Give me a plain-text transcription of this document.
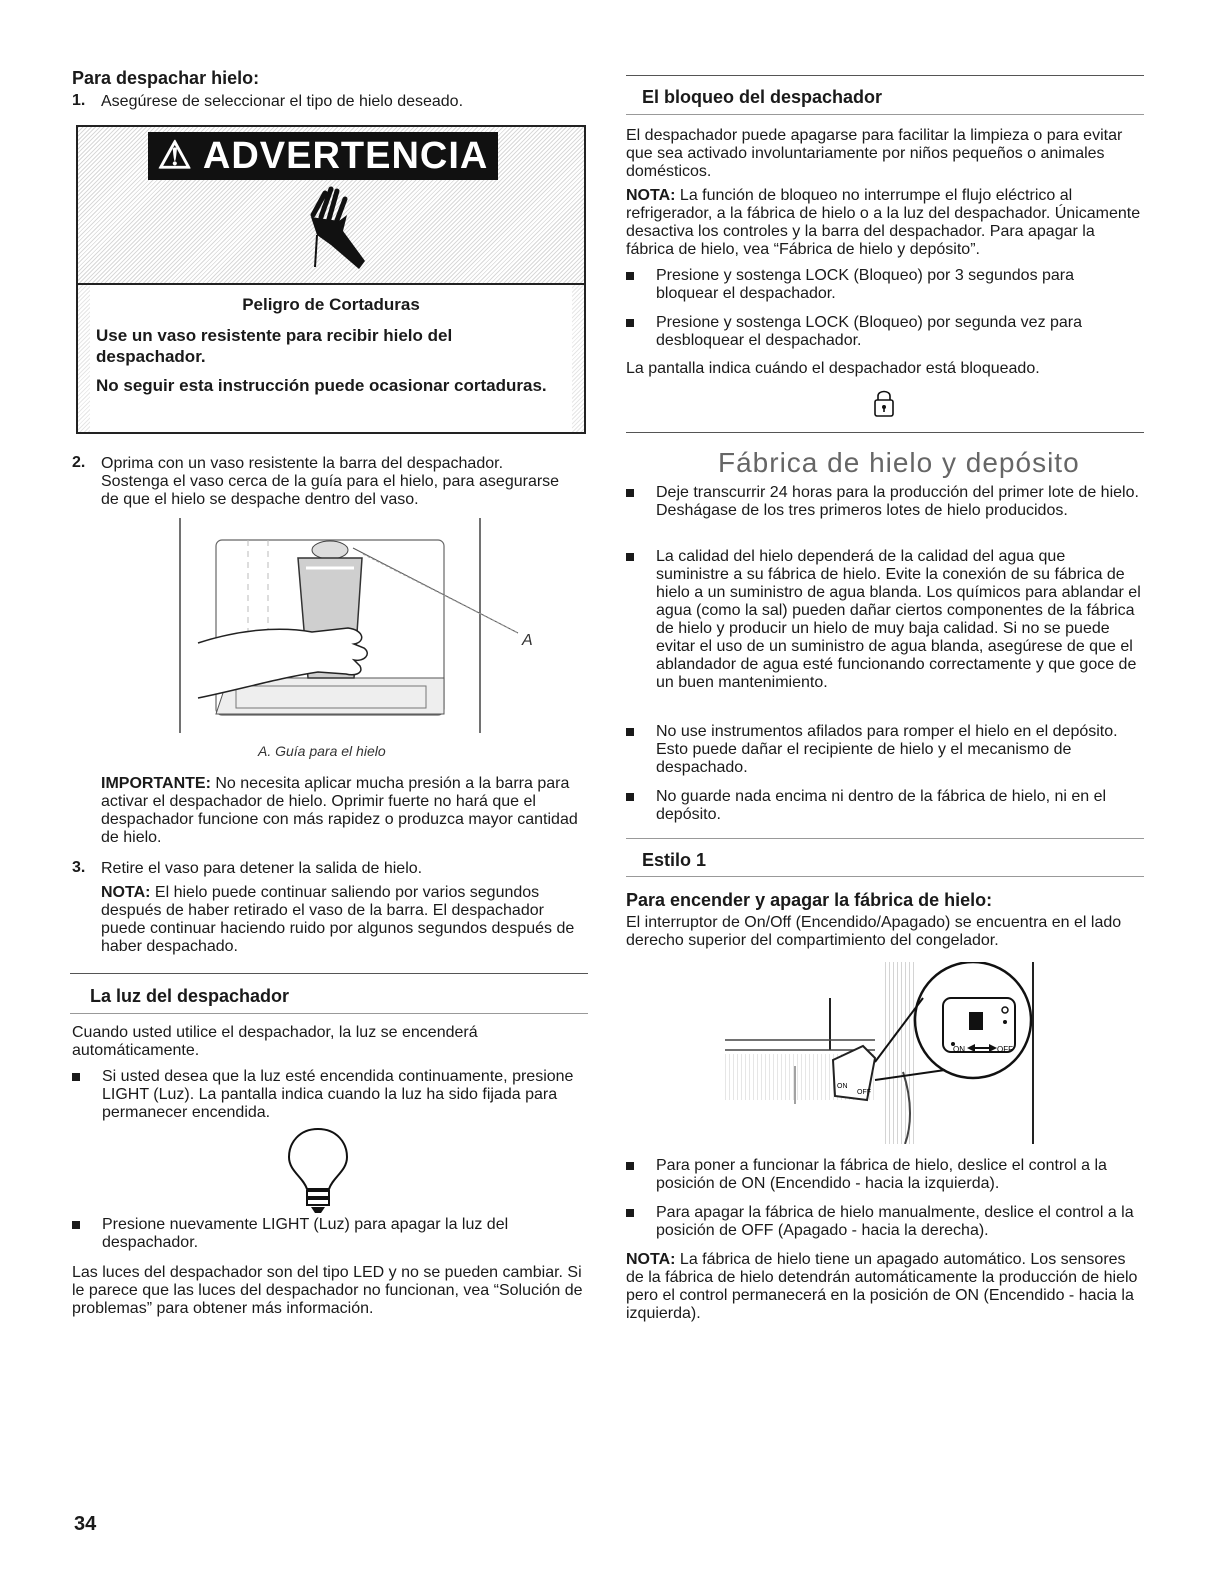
Para despachar hielo:
1. Asegúrese de seleccionar el tipo de hielo deseado.
⚠ ADVERTENCIA
Peligro de Cortaduras
Use un vaso resistente para recibir hielo del despachador.
No seguir esta instrucción puede ocasionar cortaduras.
2. Oprima con un vaso resistente la barra del despachador. Sostenga el vaso cerca de la guía para el hielo, para asegurarse de que el hielo se despache dentro del vaso.
A
A. Guía para el hielo

IMPORTANTE: No necesita aplicar mucha presión a la barra para activar el despachador de hielo. Oprimir fuerte no hará que el despachador funcione con más rapidez o produzca mayor cantidad de hielo.

3. Retire el vaso para detener la salida de hielo.

NOTA: El hielo puede continuar saliendo por varios segundos después de haber retirado el vaso de la barra. El despachador puede continuar haciendo ruido por algunos segundos después de haber despachado.

La luz del despachador

Cuando usted utilice el despachador, la luz se encenderá automáticamente.

Si usted desea que la luz esté encendida continuamente, presione LIGHT (Luz). La pantalla indica cuando la luz ha sido fijada para permanecer encendida.
Presione nuevamente LIGHT (Luz) para apagar la luz del despachador.

Las luces del despachador son del tipo LED y no se pueden cambiar. Si le parece que las luces del despachador no funcionan, vea “Solución de problemas” para obtener más información.

34
El bloqueo del despachador

El despachador puede apagarse para facilitar la limpieza o para evitar que sea activado involuntariamente por niños pequeños o animales domésticos.

NOTA: La función de bloqueo no interrumpe el flujo eléctrico al refrigerador, a la fábrica de hielo o a la luz del despachador. Únicamente desactiva los controles y la barra del despachador. Para apagar la fábrica de hielo, vea “Fábrica de hielo y depósito”.

Presione y sostenga LOCK (Bloqueo) por 3 segundos para bloquear el despachador.
Presione y sostenga LOCK (Bloqueo) por segunda vez para desbloquear el despachador.

La pantalla indica cuándo el despachador está bloqueado.

Fábrica de hielo y depósito
Deje transcurrir 24 horas para la producción del primer lote de hielo. Deshágase de los tres primeros lotes de hielo producidos.
La calidad del hielo dependerá de la calidad del agua que suministre a su fábrica de hielo. Evite la conexión de su fábrica de hielo a un suministro de agua blanda. Los químicos para ablandar el agua (como la sal) pueden dañar ciertos componentes de la fábrica de hielo y producir un hielo de muy baja calidad. Si no se puede evitar el uso de un suministro de agua blanda, asegúrese de que el ablandador de agua esté funcionando correctamente y que goce de un buen mantenimiento.
No use instrumentos afilados para romper el hielo en el depósito. Esto puede dañar el recipiente de hielo y el mecanismo de despachado.
No guarde nada encima ni dentro de la fábrica de hielo, ni en el depósito.
Estilo 1
Para encender y apagar la fábrica de hielo:

El interruptor de On/Off (Encendido/Apagado) se encuentra en el lado derecho superior del compartimiento del congelador.

ON
OFF
ON	OFF
Para poner a funcionar la fábrica de hielo, deslice el control a la posición de ON (Encendido - hacia la izquierda).
Para apagar la fábrica de hielo manualmente, deslice el control a la posición de OFF (Apagado - hacia la derecha).

NOTA: La fábrica de hielo tiene un apagado automático. Los sensores de la fábrica de hielo detendrán automáticamente la producción de hielo pero el control permanecerá en la posición de ON (Encendido - hacia la izquierda).
